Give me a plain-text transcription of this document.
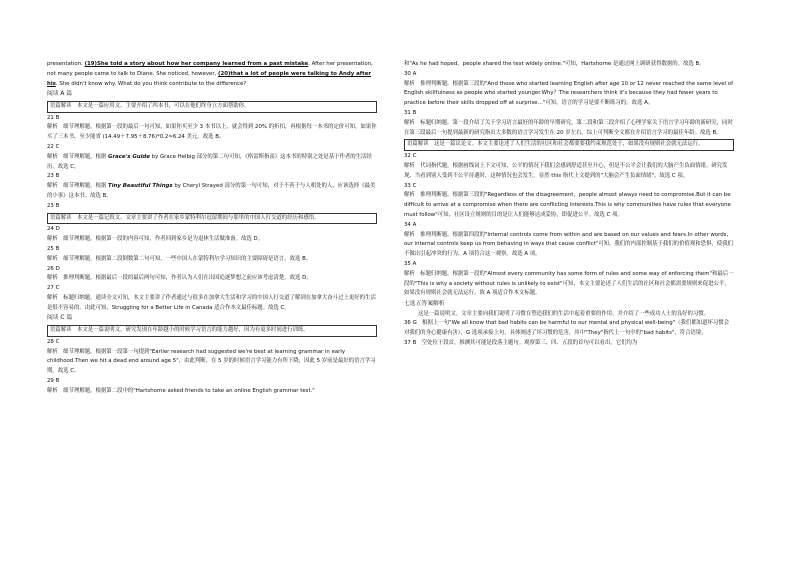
presentation. (19)She told a story about how her company learned from a past mistake. After her presentation, not many people came to talk to Diane. She noticed, however, (20)that a lot of people were talking to Andy after his. She didn't know why. What do you think contribute to the difference?

阅读 A 篇
语篇解读　本文是一篇应用文。主要介绍了四本书，可以在他们终身立方面帮助你。
21 B

解析　细节理解题。根据第一段的最后一句可知，如果你买至少 3 本书以上，就会得到 20% 的折扣，再根据每一本书的定价可知，如果你买了三本书，至少能省 (14.49＋7.95＋8.76)*0.2≈6.24 美元。故选 B。

22 C

解析　细节理解题。根据 Grace's Guide by Grace Helbig 部分的第二句可知，《格雷斯指南》这本书的特别之处是基于作者的生活经历。故选 C。

23 B

解析　细节理解题。根据 Tiny Beautiful Things by Cheryl Strayed 部分的第一句可知，对于不善于与人相处的人，应该选择《最美的小事》这本书。故选 B。

23 B
语篇解读　本文是一篇记叙文。文章主要讲了作者在家乡蒙特利尔逗留期间与那里的中国人打交道的经历和感悟。
24 D

解析　细节理解题。根据第一段的内容可知，作者回到家乡是为退休生活做准备。故选 D。

25 B

解析　细节理解题。根据第二段倒数第二句可知，一些中国人在蒙特利尔学习知识的主要障碍是语言。故选 B。

26 D

解析　推理判断题。根据最后一段的最后两句可知，作者认为人们在出国追逐梦想之前应该考虑清楚。故选 D。

27 C

解析　标题归纳题。通读全文可知，本文主要讲了作者通过与很多在加拿大生活和学习的中国人打交道了解到在加拿大奋斗过上更好的生活是很不容易的。由此可知，Struggling for a Better Life in Canada 适合作本文最佳标题。故选 C。

阅读 C 篇
语篇解读　本文是一篇说明文，研究发现在年龄越小的时候学习语言的能力越好，因为有更多时间进行训练。
28 C

解析　细节理解题。根据第一段第一句提到"Earlier research had suggested we're best at learning grammar in early childhood.Then we hit a dead end around age 5"，由此判断，在 5 岁的时候语言学习能力有所下降，因此 5 岁前是最好的语言学习期。故选 C。

29 B

解析　细节理解题。根据第二段中的"Hartshorne asked friends to take an online English grammar test."

和"As he had hoped，people shared the test widely online."可知，Hartshorne 是通过网上调研获得数据的。故选 B。

30 A

解析　推理判断题。根据第三段的"And those who started learning English after age 10 or 12 never reached the same level of English skillfulness as people who started younger.Why？The researchers think it's because they had fewer years to practice before their skills dropped off at surprise…"可知，语言的学习是要不断练习的。故选 A。

31 B

解析　标题归纳题。第一段介绍了关于学习语言最好的年龄的早期研究，第二段和第三段介绍了心理学家关于语言学习年龄的新研究，同时在第三段最后一句提到最新的研究指出大多数的语言学习发生在 20 岁左右。综上可判断全文都在介绍语言学习的最佳年龄。故选 B。

语篇解读　这是一篇议论文。本文主要论述了人们生活的社区和社会都要要我约束规范处于，如果没有规则社会就无法运行。
32 C

解析　代词指代题。根据画线词上下文可知，公平的情况下我们会感到舒适甚至开心，但是不公平会让我们的大脑产生负面情绪。研究发现，当看到别人受到不公平待遇时，这种情况也会发生。显然 this 指代上文提到的"大脑会产生负面情绪"。故选 C 项。

33 C

解析　推理判断题。根据第三段的"Regardless of the disagreement，people almost always need to compromise.But it can be difficult to arrive at a compromise when there are conflicting interests.This is why communities have rules that everyone must follow"可知，社区设立规则的目的是让人们能够达成妥协，即促进公平。故选 C 项。

34 A

解析　推理判断题。根据第四段的"Internal controls come from within and are based on our values and fears.In other words，our internal controls keep us from behaving in ways that cause conflict"可知，我们的内部控制基于我们的价值观和恐惧，使我们不做出引起冲突的行为。A 项符合这一观察。故选 A 项。

35 A

解析　标题归纳题。根据第一段的"Almost every community has some form of rules and some way of enforcing them"和最后一段的"This is why a society without rules is unlikely to exist"可知，本文主要论述了人们生活的社区和社会都需要规则来促进公平，如果没有规则社会就无法运行。故 A 项适合作本文标题。

七选五答案解析

这是一篇说明文。文章主要向我们说明了习惯在塑造我们的生活中起着重要的作用，并介绍了一些成功人士的良好的习惯。

36 G　根据上一句"We all know that bad habits can be harmful to our mental and physical well-being"（我们都知道坏习惯会对我们的身心健康有害），G 选项承接上句，具体阐述了坏习惯的危害，其中"They"指代上一句中的"bad habits"，符合语境。

37 B　空处位于段首，推测其可能是段落主题句。观察第三、四、五段的首句可以看出，它们均为
